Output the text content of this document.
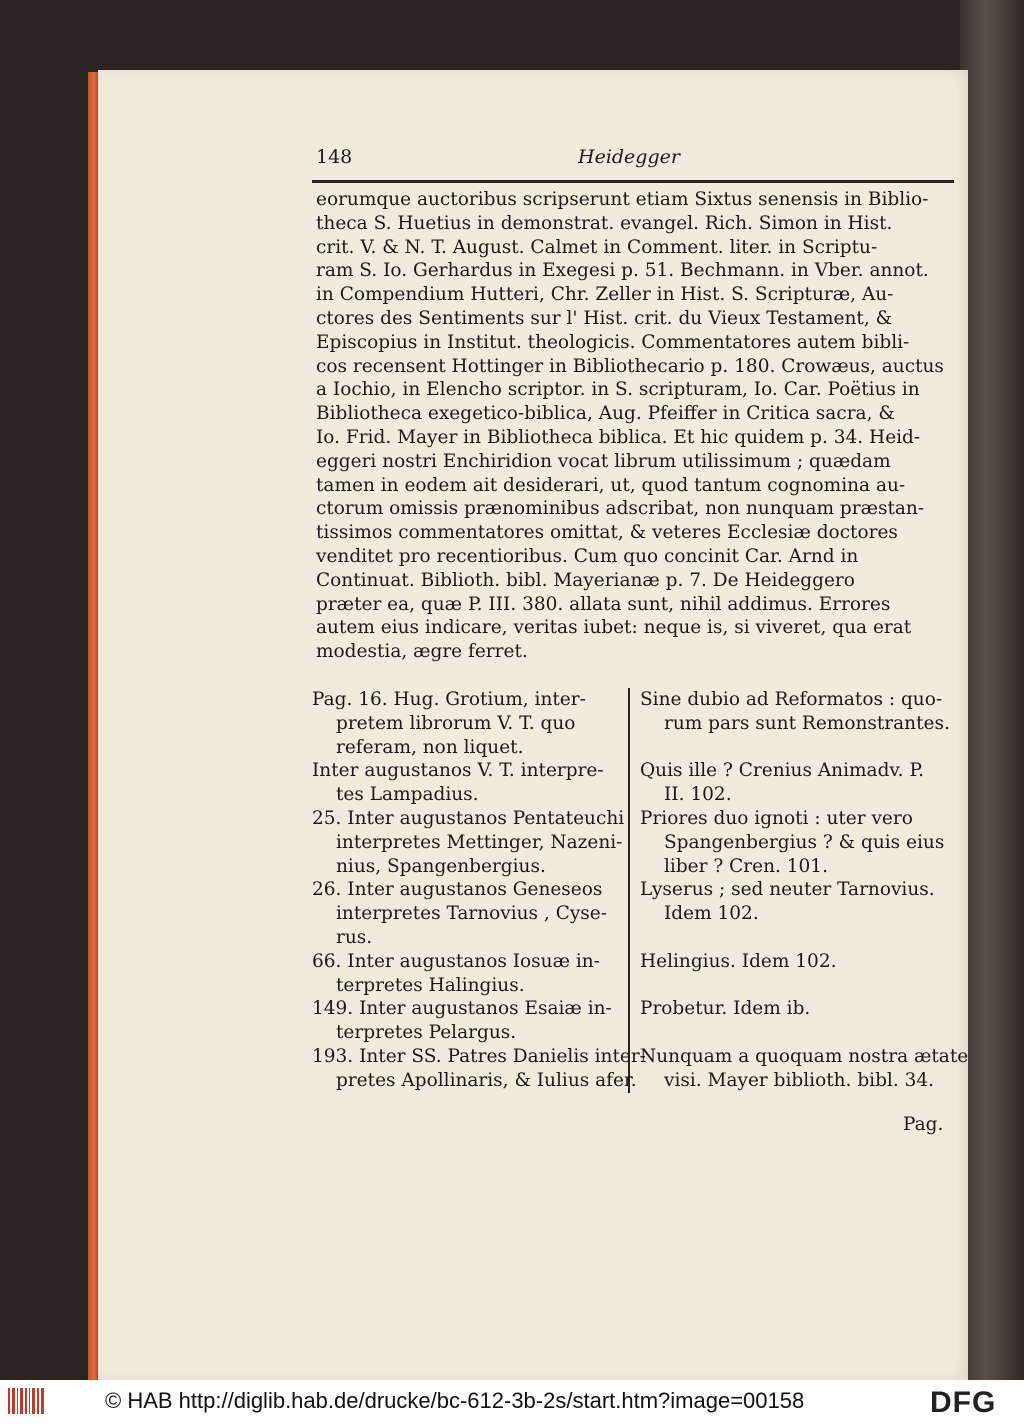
148	Heidegger
eorumque auctoribus scripserunt etiam Sixtus senensis in Biblio-
theca S. Huetius in demonstrat. evangel. Rich. Simon in Hist.
crit. V. & N. T. August. Calmet in Comment. liter. in Scriptu-
ram S. Io. Gerhardus in Exegesi p. 51. Bechmann. in Vber. annot.
in Compendium Hutteri, Chr. Zeller in Hist. S. Scripturæ, Au-
ctores des Sentiments sur l' Hist. crit. du Vieux Testament, &
Episcopius in Institut. theologicis. Commentatores autem bibli-
cos recensent Hottinger in Bibliothecario p. 180. Crowæus, auctus
a Iochio, in Elencho scriptor. in S. scripturam, Io. Car. Poëtius in
Bibliotheca exegetico-biblica, Aug. Pfeiffer in Critica sacra, &
Io. Frid. Mayer in Bibliotheca biblica. Et hic quidem p. 34. Heid-
eggeri nostri Enchiridion vocat librum utilissimum ; quædam
tamen in eodem ait desiderari, ut, quod tantum cognomina au-
ctorum omissis prænominibus adscribat, non nunquam præstan-
tissimos commentatores omittat, & veteres Ecclesiæ doctores
venditet pro recentioribus. Cum quo concinit Car. Arnd in
Continuat. Biblioth. bibl. Mayerianæ p. 7. De Heideggero
præter ea, quæ P. III. 380. allata sunt, nihil addimus. Errores
autem eius indicare, veritas iubet: neque is, si viveret, qua erat
modestia, ægre ferret.
Pag. 16. Hug. Grotium, inter-
pretem librorum V. T. quo
referam, non liquet.
Sine dubio ad Reformatos : quo-
rum pars sunt Remonstrantes.
Inter augustanos V. T. interpre-
tes Lampadius.
Quis ille ? Crenius Animadv. P.
II. 102.
25. Inter augustanos Pentateuchi
interpretes Mettinger, Nazeni-
nius, Spangenbergius.
Priores duo ignoti : uter vero
Spangenbergius ? & quis eius
liber ? Cren. 101.
26. Inter augustanos Geneseos
interpretes Tarnovius , Cyse-
rus.
Lyserus ; sed neuter Tarnovius.
Idem 102.
66. Inter augustanos Iosuæ in-
terpretes Halingius.
Helingius. Idem 102.
149. Inter augustanos Esaiæ in-
terpretes Pelargus.
Probetur. Idem ib.
193. Inter SS. Patres Danielis inter-
pretes Apollinaris, & Iulius afer.
Nunquam a quoquam nostra ætate
visi. Mayer biblioth. bibl. 34.
Pag.
© HAB http://diglib.hab.de/drucke/bc-612-3b-2s/start.htm?image=00158	DFG
